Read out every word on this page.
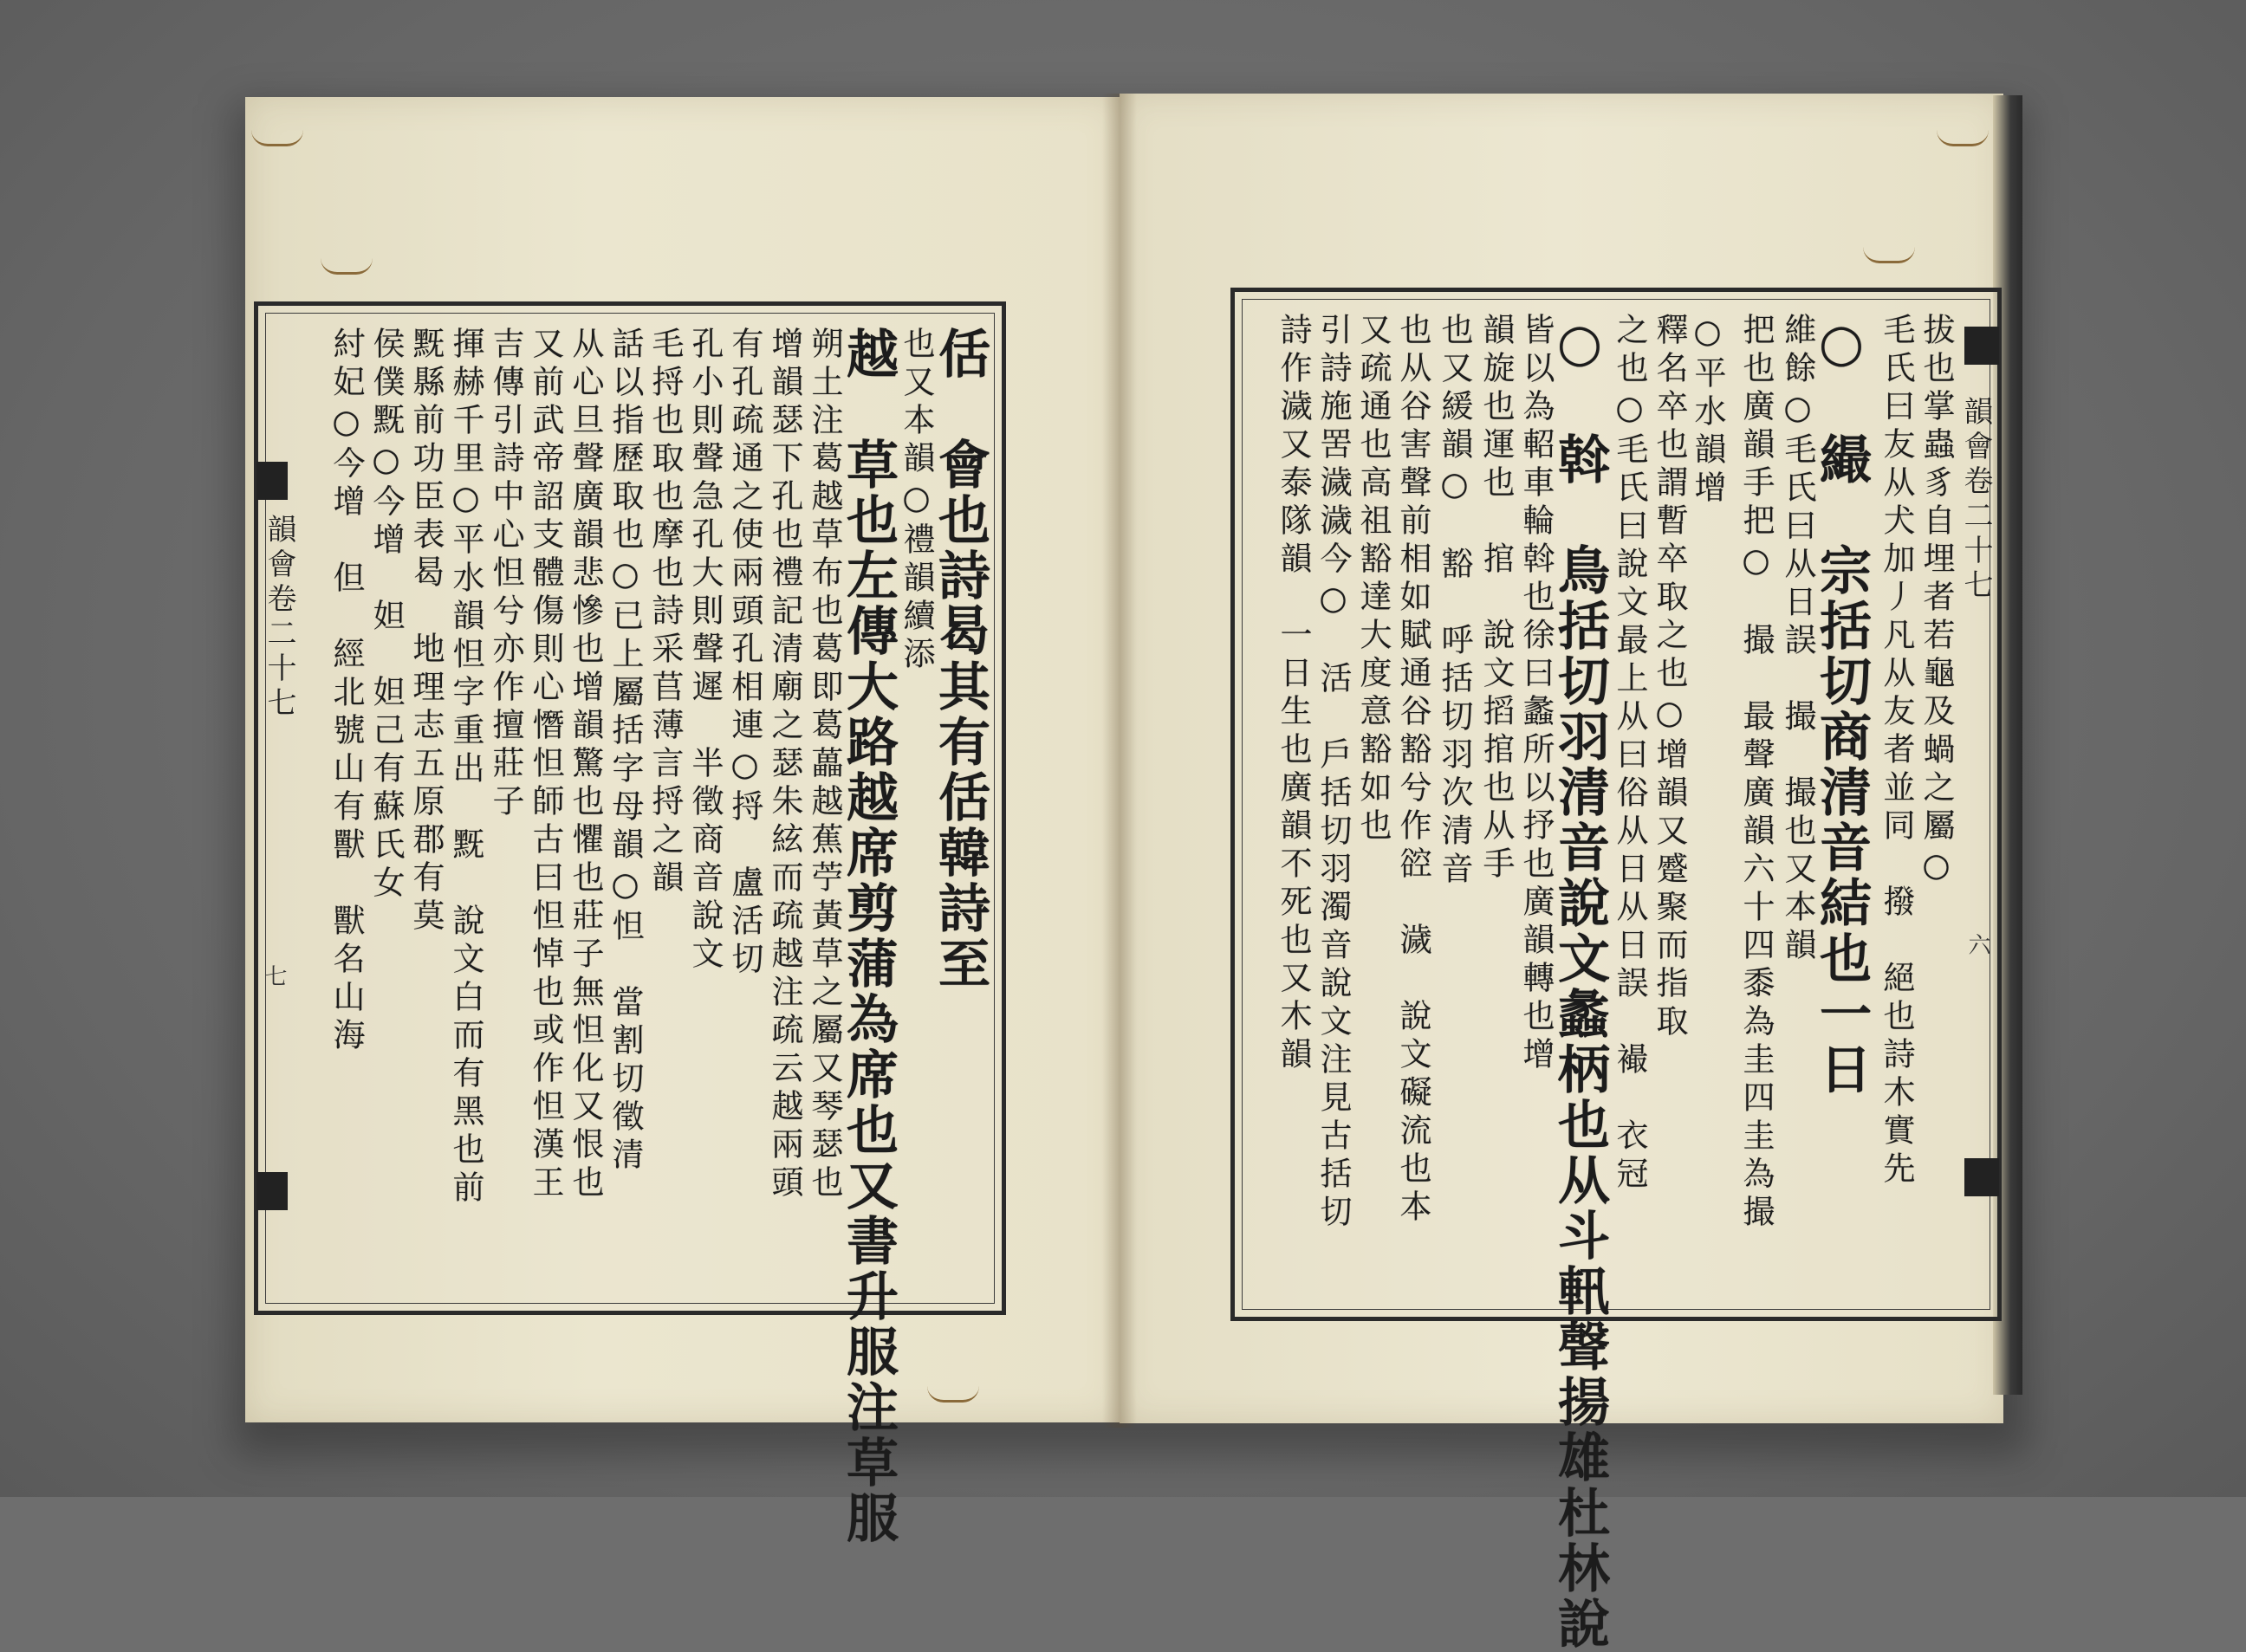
韻會卷二十七
七	佸　會也詩曷其有佸韓詩至
也又本韻○禮韻續添
越　草也左傳大路越席剪蒲為席也又書升服注草服
朔土注葛越草布也葛即葛藟越蕉苧黃草之屬又琴瑟也
增韻瑟下孔也禮記清廟之瑟朱絃而疏越注疏云越兩頭
有孔疏通之使兩頭孔相連○捋　盧活切
孔小則聲急孔大則聲遲　半徵商音說文
毛捋也取也摩也詩采苢薄言捋之韻
話以指歷取也○已上屬括字母韻○怛　當割切徵清
从心旦聲廣韻悲慘也增韻驚也懼也莊子無怛化又恨也
又前武帝詔支體傷則心憯怛師古曰怛悼也或作怛漢王
吉傳引詩中心怛兮亦作擅莊子
揮赫千里○平水韻怛字重出　黖　說文白而有黑也前
黖縣前功臣表曷　地理志五原郡有莫
侯僕黖○今增　妲　妲己有蘇氏女
紂妃○今增　但　經北號山有獸　獸名山海	韻會卷二十七
六
拔也掌蟲豸自埋者若龜及蝸之屬○
毛氏曰友从犬加丿凡从友者並同　撥　絕也詩木實先
○　繓　宗括切商清音結也一日
維餘○毛氏曰从日誤　撮　撮也又本韻
把也廣韻手把○　撮　最聲廣韻六十四黍為圭四圭為撮
○平水韻增
釋名卒也謂暫卒取之也○增韻又蹙聚而指取
之也○毛氏曰說文最上从曰俗从日从日誤　襊　衣冠
○　斡　鳥括切羽清音說文蠡柄也从斗軐聲揚雄杜林說
皆以為軺車輪斡也徐曰蠡所以抒也廣韻轉也增
韻旋也運也　捾　說文搯捾也从手
也又緩韻○　豁　呼括切羽次清音
也从谷害聲前相如賦通谷豁兮作谾　濊　說文礙流也本
又疏通也高祖豁達大度意豁如也
引詩施罟濊濊今○　活　戶括切羽濁音說文注見古括切
詩作濊又泰隊韻　一日生也廣韻不死也又木韻
